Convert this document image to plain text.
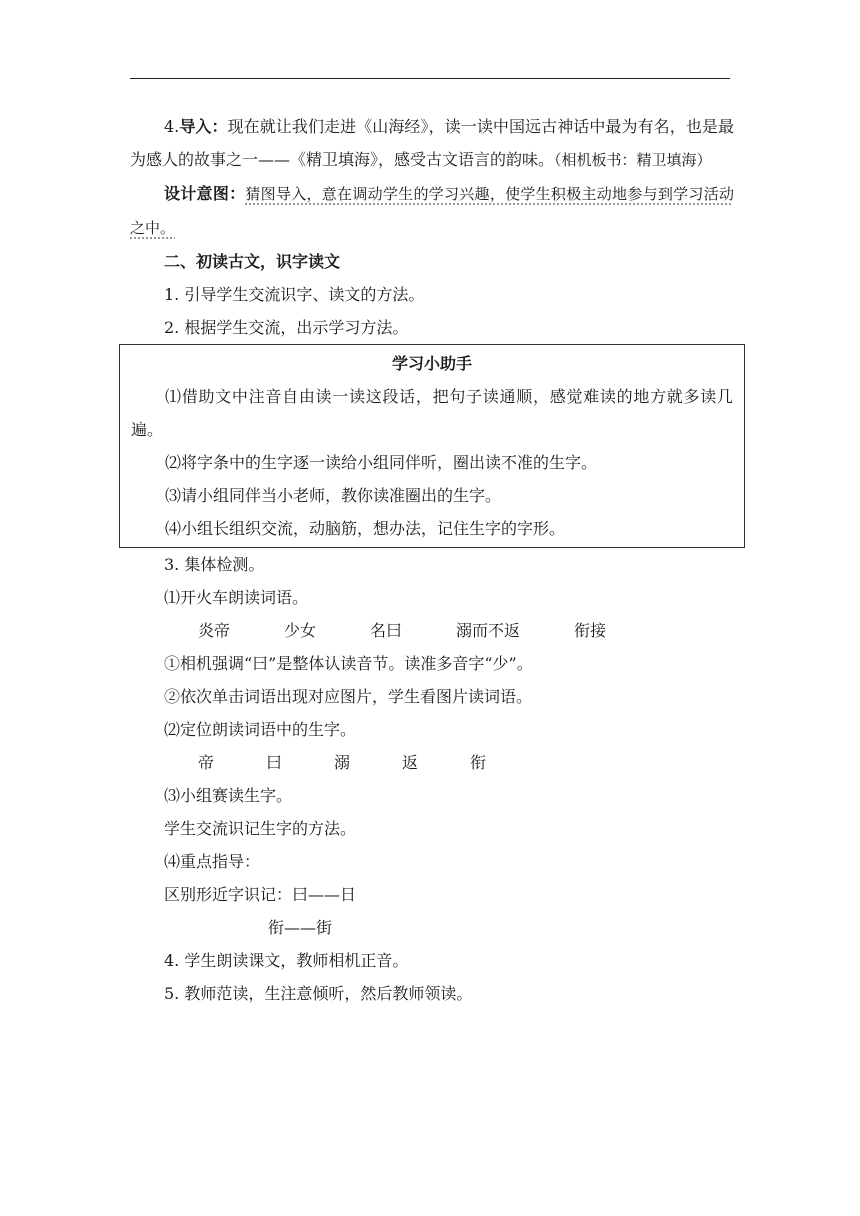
4.导入：现在就让我们走进《山海经》，读一读中国远古神话中最为有名，也是最为感人的故事之一——《精卫填海》，感受古文语言的韵味。（相机板书：精卫填海）

设计意图：猜图导入，意在调动学生的学习兴趣，使学生积极主动地参与到学习活动之中。

二、初读古文，识字读文

1. 引导学生交流识字、读文的方法。

2. 根据学生交流，出示学习方法。

学习小助手

⑴借助文中注音自由读一读这段话，把句子读通顺，感觉难读的地方就多读几遍。

⑵将字条中的生字逐一读给小组同伴听，圈出读不准的生字。

⑶请小组同伴当小老师，教你读准圈出的生字。

⑷小组长组织交流，动脑筋，想办法，记住生字的字形。

3. 集体检测。

⑴开火车朗读词语。

炎帝	少女	名曰	溺而不返	衔接

①相机强调“曰”是整体认读音节。读准多音字“少”。

②依次单击词语出现对应图片，学生看图片读词语。

⑵定位朗读词语中的生字。

帝	曰	溺	返	衔

⑶小组赛读生字。

学生交流识记生字的方法。

⑷重点指导：

区别形近字识记：曰——日

衔——街

4. 学生朗读课文，教师相机正音。

5. 教师范读，生注意倾听，然后教师领读。
